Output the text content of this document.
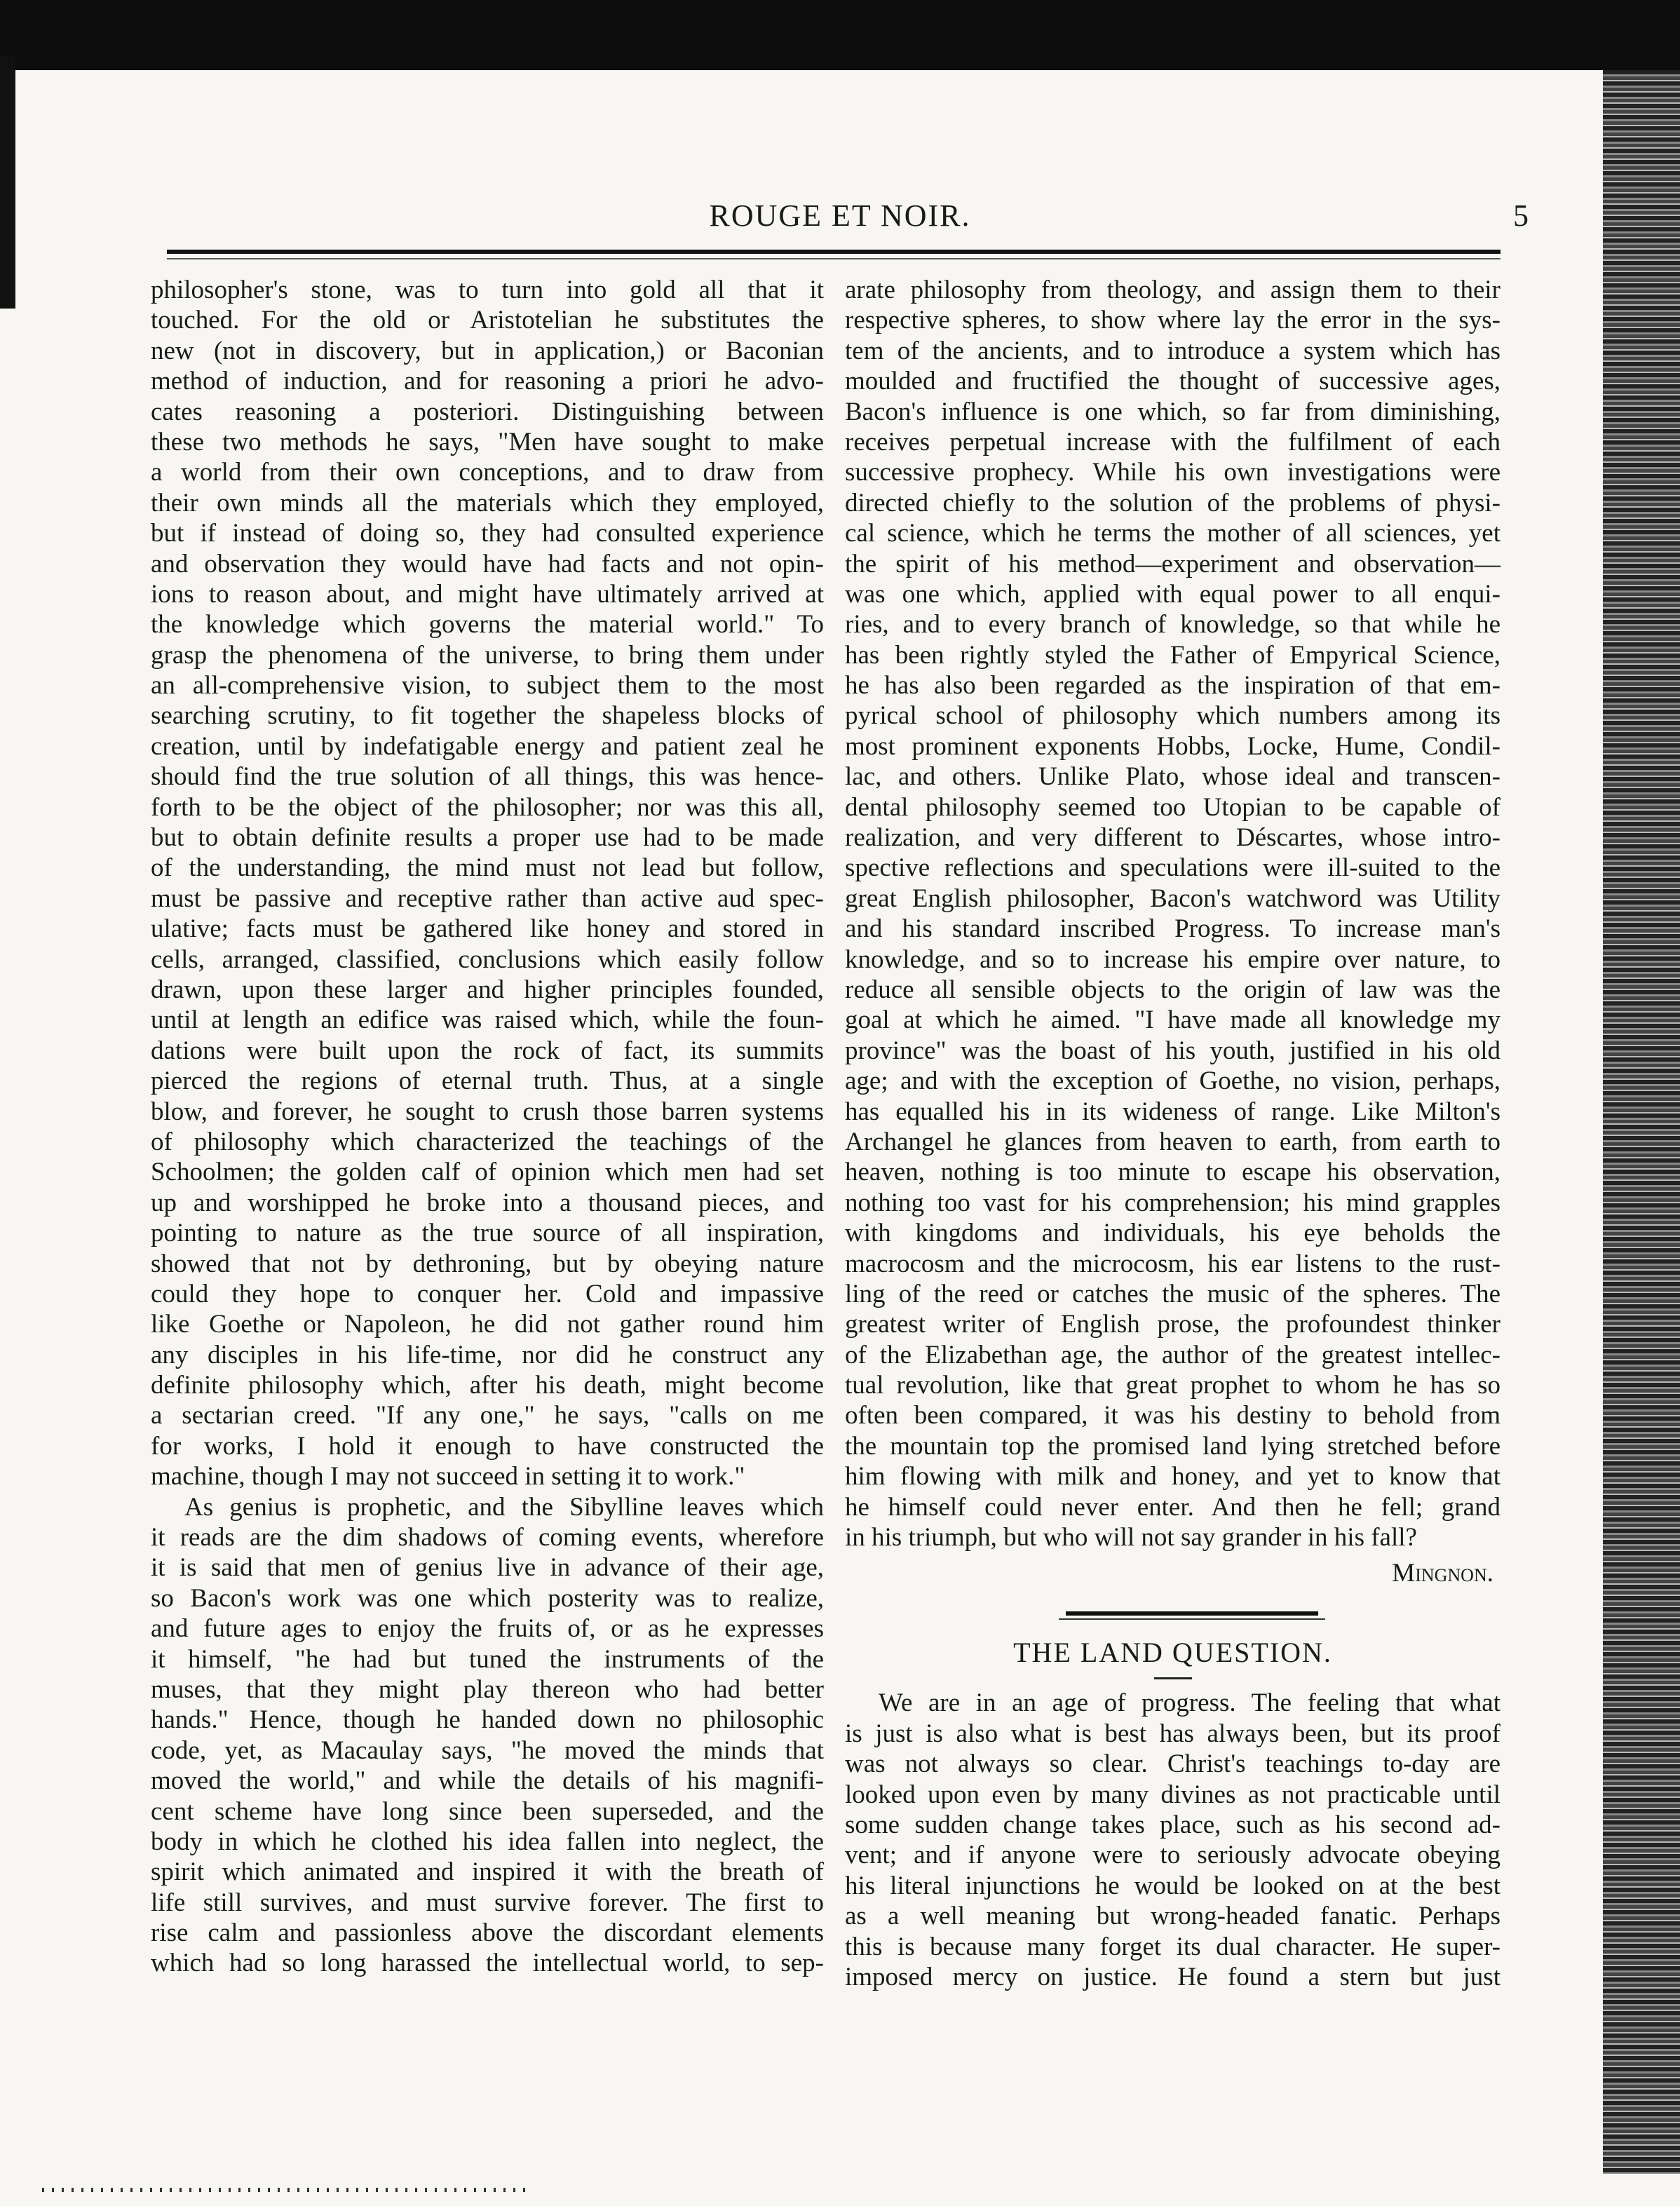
ROUGE ET NOIR.	5
philosopher's stone, was to turn into gold all that it
touched. For the old or Aristotelian he substitutes the
new (not in discovery, but in application,) or Baconian
method of induction, and for reasoning a priori he advo-
cates reasoning a posteriori. Distinguishing between
these two methods he says, "Men have sought to make
a world from their own conceptions, and to draw from
their own minds all the materials which they employed,
but if instead of doing so, they had consulted experience
and observation they would have had facts and not opin-
ions to reason about, and might have ultimately arrived at
the knowledge which governs the material world." To
grasp the phenomena of the universe, to bring them under
an all-comprehensive vision, to subject them to the most
searching scrutiny, to fit together the shapeless blocks of
creation, until by indefatigable energy and patient zeal he
should find the true solution of all things, this was hence-
forth to be the object of the philosopher; nor was this all,
but to obtain definite results a proper use had to be made
of the understanding, the mind must not lead but follow,
must be passive and receptive rather than active aud spec-
ulative; facts must be gathered like honey and stored in
cells, arranged, classified, conclusions which easily follow
drawn, upon these larger and higher principles founded,
until at length an edifice was raised which, while the foun-
dations were built upon the rock of fact, its summits
pierced the regions of eternal truth. Thus, at a single
blow, and forever, he sought to crush those barren systems
of philosophy which characterized the teachings of the
Schoolmen; the golden calf of opinion which men had set
up and worshipped he broke into a thousand pieces, and
pointing to nature as the true source of all inspiration,
showed that not by dethroning, but by obeying nature
could they hope to conquer her. Cold and impassive
like Goethe or Napoleon, he did not gather round him
any disciples in his life-time, nor did he construct any
definite philosophy which, after his death, might become
a sectarian creed. "If any one," he says, "calls on me
for works, I hold it enough to have constructed the
machine, though I may not succeed in setting it to work."
As genius is prophetic, and the Sibylline leaves which
it reads are the dim shadows of coming events, wherefore
it is said that men of genius live in advance of their age,
so Bacon's work was one which posterity was to realize,
and future ages to enjoy the fruits of, or as he expresses
it himself, "he had but tuned the instruments of the
muses, that they might play thereon who had better
hands." Hence, though he handed down no philosophic
code, yet, as Macaulay says, "he moved the minds that
moved the world," and while the details of his magnifi-
cent scheme have long since been superseded, and the
body in which he clothed his idea fallen into neglect, the
spirit which animated and inspired it with the breath of
life still survives, and must survive forever. The first to
rise calm and passionless above the discordant elements
which had so long harassed the intellectual world, to sep-
arate philosophy from theology, and assign them to their
respective spheres, to show where lay the error in the sys-
tem of the ancients, and to introduce a system which has
moulded and fructified the thought of successive ages,
Bacon's influence is one which, so far from diminishing,
receives perpetual increase with the fulfilment of each
successive prophecy. While his own investigations were
directed chiefly to the solution of the problems of physi-
cal science, which he terms the mother of all sciences, yet
the spirit of his method—experiment and observation—
was one which, applied with equal power to all enqui-
ries, and to every branch of knowledge, so that while he
has been rightly styled the Father of Empyrical Science,
he has also been regarded as the inspiration of that em-
pyrical school of philosophy which numbers among its
most prominent exponents Hobbs, Locke, Hume, Condil-
lac, and others. Unlike Plato, whose ideal and transcen-
dental philosophy seemed too Utopian to be capable of
realization, and very different to Déscartes, whose intro-
spective reflections and speculations were ill-suited to the
great English philosopher, Bacon's watchword was Utility
and his standard inscribed Progress. To increase man's
knowledge, and so to increase his empire over nature, to
reduce all sensible objects to the origin of law was the
goal at which he aimed. "I have made all knowledge my
province" was the boast of his youth, justified in his old
age; and with the exception of Goethe, no vision, perhaps,
has equalled his in its wideness of range. Like Milton's
Archangel he glances from heaven to earth, from earth to
heaven, nothing is too minute to escape his observation,
nothing too vast for his comprehension; his mind grapples
with kingdoms and individuals, his eye beholds the
macrocosm and the microcosm, his ear listens to the rust-
ling of the reed or catches the music of the spheres. The
greatest writer of English prose, the profoundest thinker
of the Elizabethan age, the author of the greatest intellec-
tual revolution, like that great prophet to whom he has so
often been compared, it was his destiny to behold from
the mountain top the promised land lying stretched before
him flowing with milk and honey, and yet to know that
he himself could never enter. And then he fell; grand
in his triumph, but who will not say grander in his fall?
Mingnon.
THE LAND QUESTION.
We are in an age of progress. The feeling that what
is just is also what is best has always been, but its proof
was not always so clear. Christ's teachings to-day are
looked upon even by many divines as not practicable until
some sudden change takes place, such as his second ad-
vent; and if anyone were to seriously advocate obeying
his literal injunctions he would be looked on at the best
as a well meaning but wrong-headed fanatic. Perhaps
this is because many forget its dual character. He super-
imposed mercy on justice. He found a stern but just
